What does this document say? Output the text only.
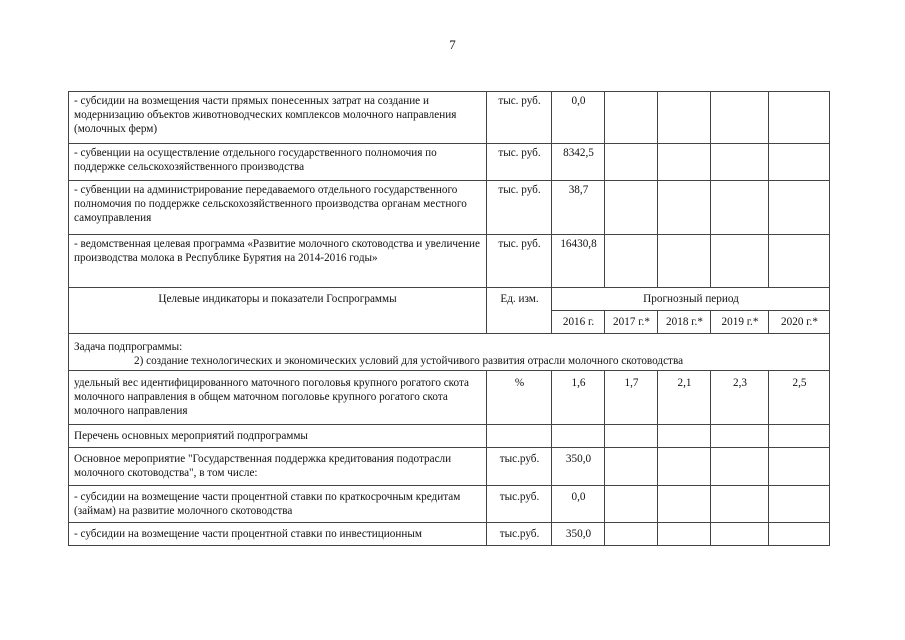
7
- субсидии на возмещения части прямых понесенных затрат на создание и модернизацию объектов животноводческих комплексов молочного направления (молочных ферм)	тыс. руб.	0,0				
- субвенции на осуществление отдельного государственного полномочия по поддержке сельскохозяйственного производства	тыс. руб.	8342,5				
- субвенции на администрирование передаваемого отдельного государственного полномочия по поддержке сельскохозяйственного производства органам местного самоуправления	тыс. руб.	38,7				
- ведомственная целевая программа «Развитие молочного скотоводства и увеличение производства молока в Республике Бурятия на 2014-2016 годы»	тыс. руб.	16430,8				
Целевые индикаторы и показатели Госпрограммы	Ед. изм.	Прогнозный период				
		2016 г.	2017 г.*	2018 г.*	2019 г.*	2020 г.*

Задача подпрограммы:
2) создание технологических и экономических условий для устойчивого развития отрасли молочного скотоводства						

удельный вес идентифицированного маточного поголовья крупного рогатого скота молочного направления в общем маточном поголовье крупного рогатого скота молочного направления	%	1,6	1,7	2,1	2,3	2,5
Перечень основных мероприятий подпрограммы						
Основное мероприятие "Государственная поддержка кредитования подотрасли молочного скотоводства", в том числе:	тыс.руб.	350,0				
- субсидии на возмещение части процентной ставки по краткосрочным кредитам (займам) на развитие молочного скотоводства	тыс.руб.	0,0				
- субсидии на возмещение части процентной ставки по инвестиционным	тыс.руб.	350,0				
